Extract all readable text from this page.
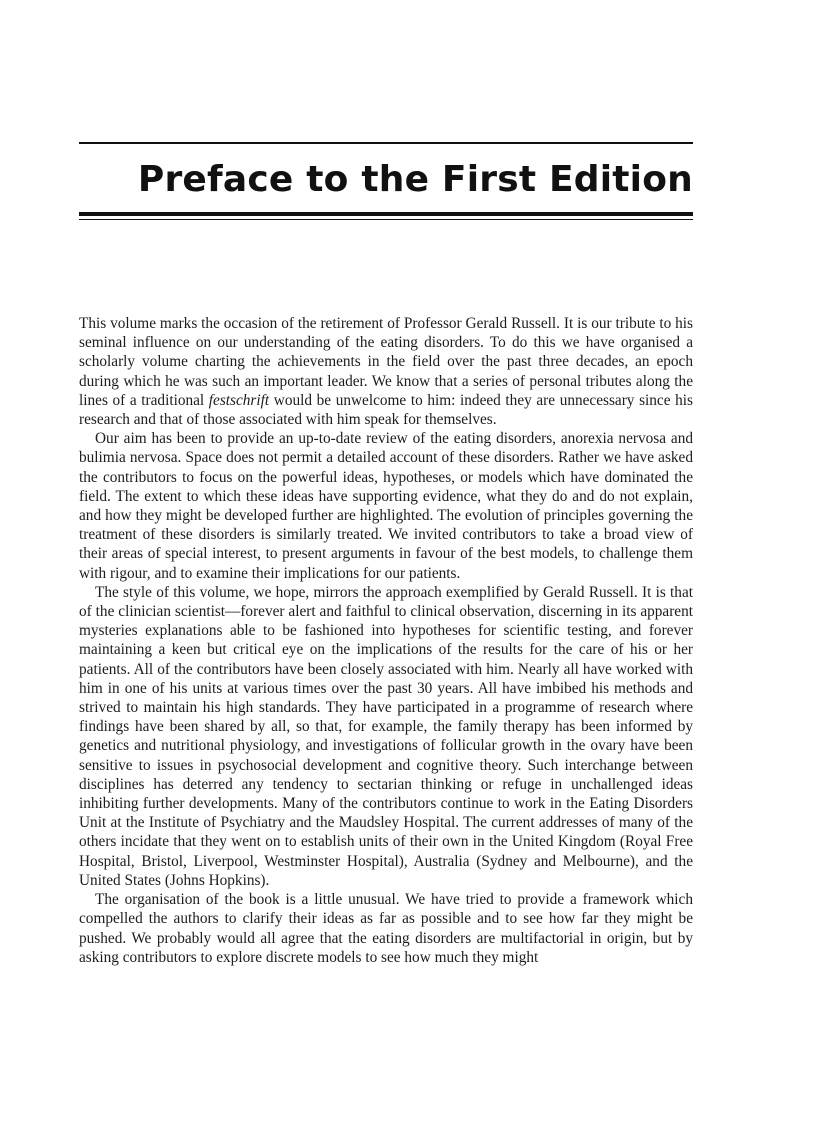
Preface to the First Edition

This volume marks the occasion of the retirement of Professor Gerald Russell. It is our tribute to his seminal influence on our understanding of the eating disorders. To do this we have organised a scholarly volume charting the achievements in the field over the past three decades, an epoch during which he was such an important leader. We know that a series of personal tributes along the lines of a traditional festschrift would be unwelcome to him: indeed they are unnecessary since his research and that of those associated with him speak for themselves.

Our aim has been to provide an up-to-date review of the eating disorders, anorexia nervosa and bulimia nervosa. Space does not permit a detailed account of these disorders. Rather we have asked the contributors to focus on the powerful ideas, hypotheses, or models which have dominated the field. The extent to which these ideas have supporting evidence, what they do and do not explain, and how they might be developed further are highlighted. The evolution of principles governing the treatment of these disorders is similarly treated. We invited contributors to take a broad view of their areas of special interest, to present arguments in favour of the best models, to challenge them with rigour, and to examine their implications for our patients.

The style of this volume, we hope, mirrors the approach exemplified by Gerald Russell. It is that of the clinician scientist—forever alert and faithful to clinical observation, discerning in its apparent mysteries explanations able to be fashioned into hypotheses for scientific testing, and forever maintaining a keen but critical eye on the implications of the results for the care of his or her patients. All of the contributors have been closely associated with him. Nearly all have worked with him in one of his units at various times over the past 30 years. All have imbibed his methods and strived to maintain his high standards. They have participated in a programme of research where findings have been shared by all, so that, for example, the family therapy has been informed by genetics and nutritional physiology, and investigations of follicular growth in the ovary have been sensitive to issues in psychosocial development and cognitive theory. Such interchange between disciplines has deterred any tendency to sectarian thinking or refuge in unchallenged ideas inhibiting further developments. Many of the contributors continue to work in the Eating Disorders Unit at the Institute of Psychiatry and the Maudsley Hospital. The current addresses of many of the others incidate that they went on to establish units of their own in the United Kingdom (Royal Free Hospital, Bristol, Liverpool, Westminster Hospital), Australia (Sydney and Melbourne), and the United States (Johns Hopkins).

The organisation of the book is a little unusual. We have tried to provide a framework which compelled the authors to clarify their ideas as far as possible and to see how far they might be pushed. We probably would all agree that the eating disorders are multifactorial in origin, but by asking contributors to explore discrete models to see how much they might
